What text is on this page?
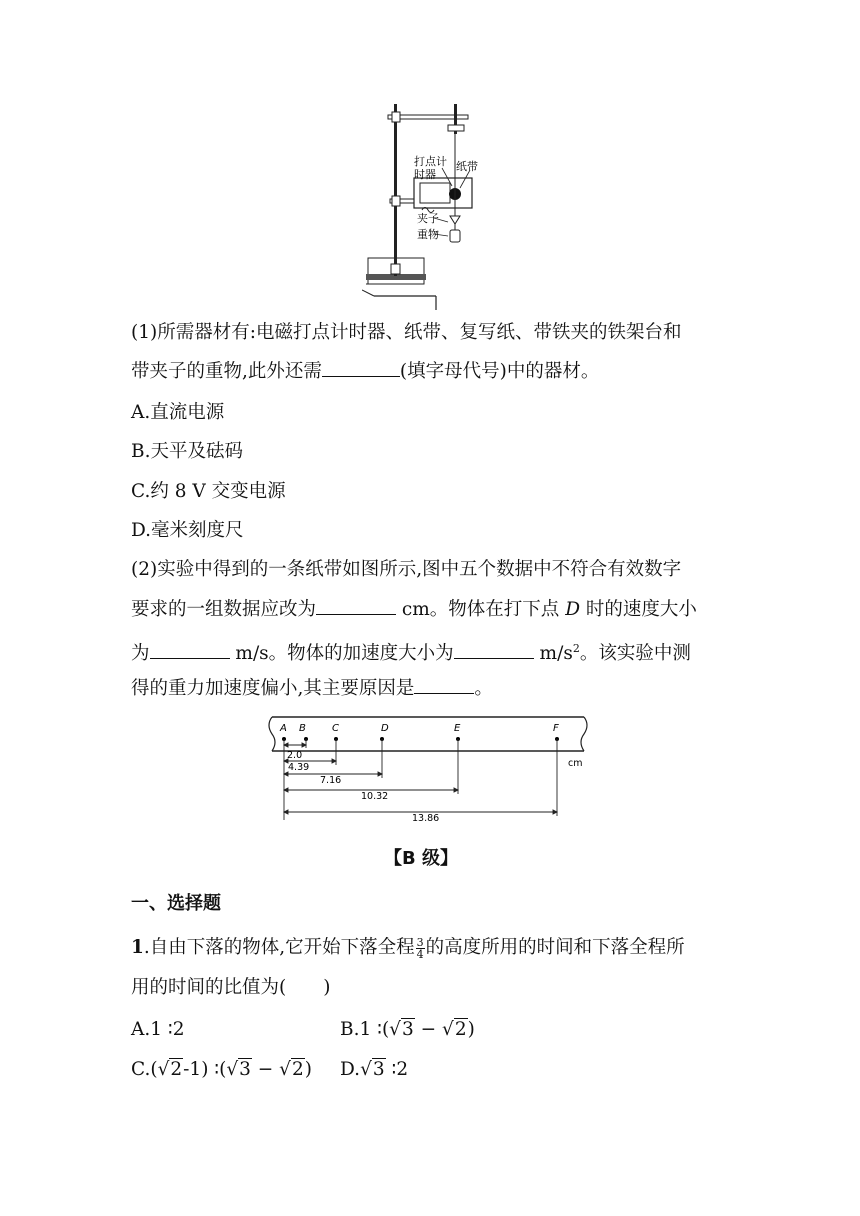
打点计
时器
纸带
夹子
重物
(1)所需器材有:电磁打点计时器、纸带、复写纸、带铁夹的铁架台和
带夹子的重物,此外还需	(填字母代号)中的器材。
A.直流电源
B.天平及砝码
C.约 8 V 交变电源
D.毫米刻度尺
(2)实验中得到的一条纸带如图所示,图中五个数据中不符合有效数字
要求的一组数据应改为	cm。物体在打下点 D 时的速度大小
为	m/s。物体的加速度大小为	$m/s^2$。该实验中测
得的重力加速度偏小,其主要原因是	。
A B	C	D	E	F
2.0
4.39
7.16
10.32
13.86
cm
【B 级】
一、选择题
1.自由下落的物体,它开始下落全程 $\frac{3}{4}$ 的高度所用的时间和下落全程所
用的时间的比值为(　　)
A.1 ∶2	B.1 ∶(√3 − √2)
C.(√2-1) ∶(√3 − √2) D.√3 ∶2
